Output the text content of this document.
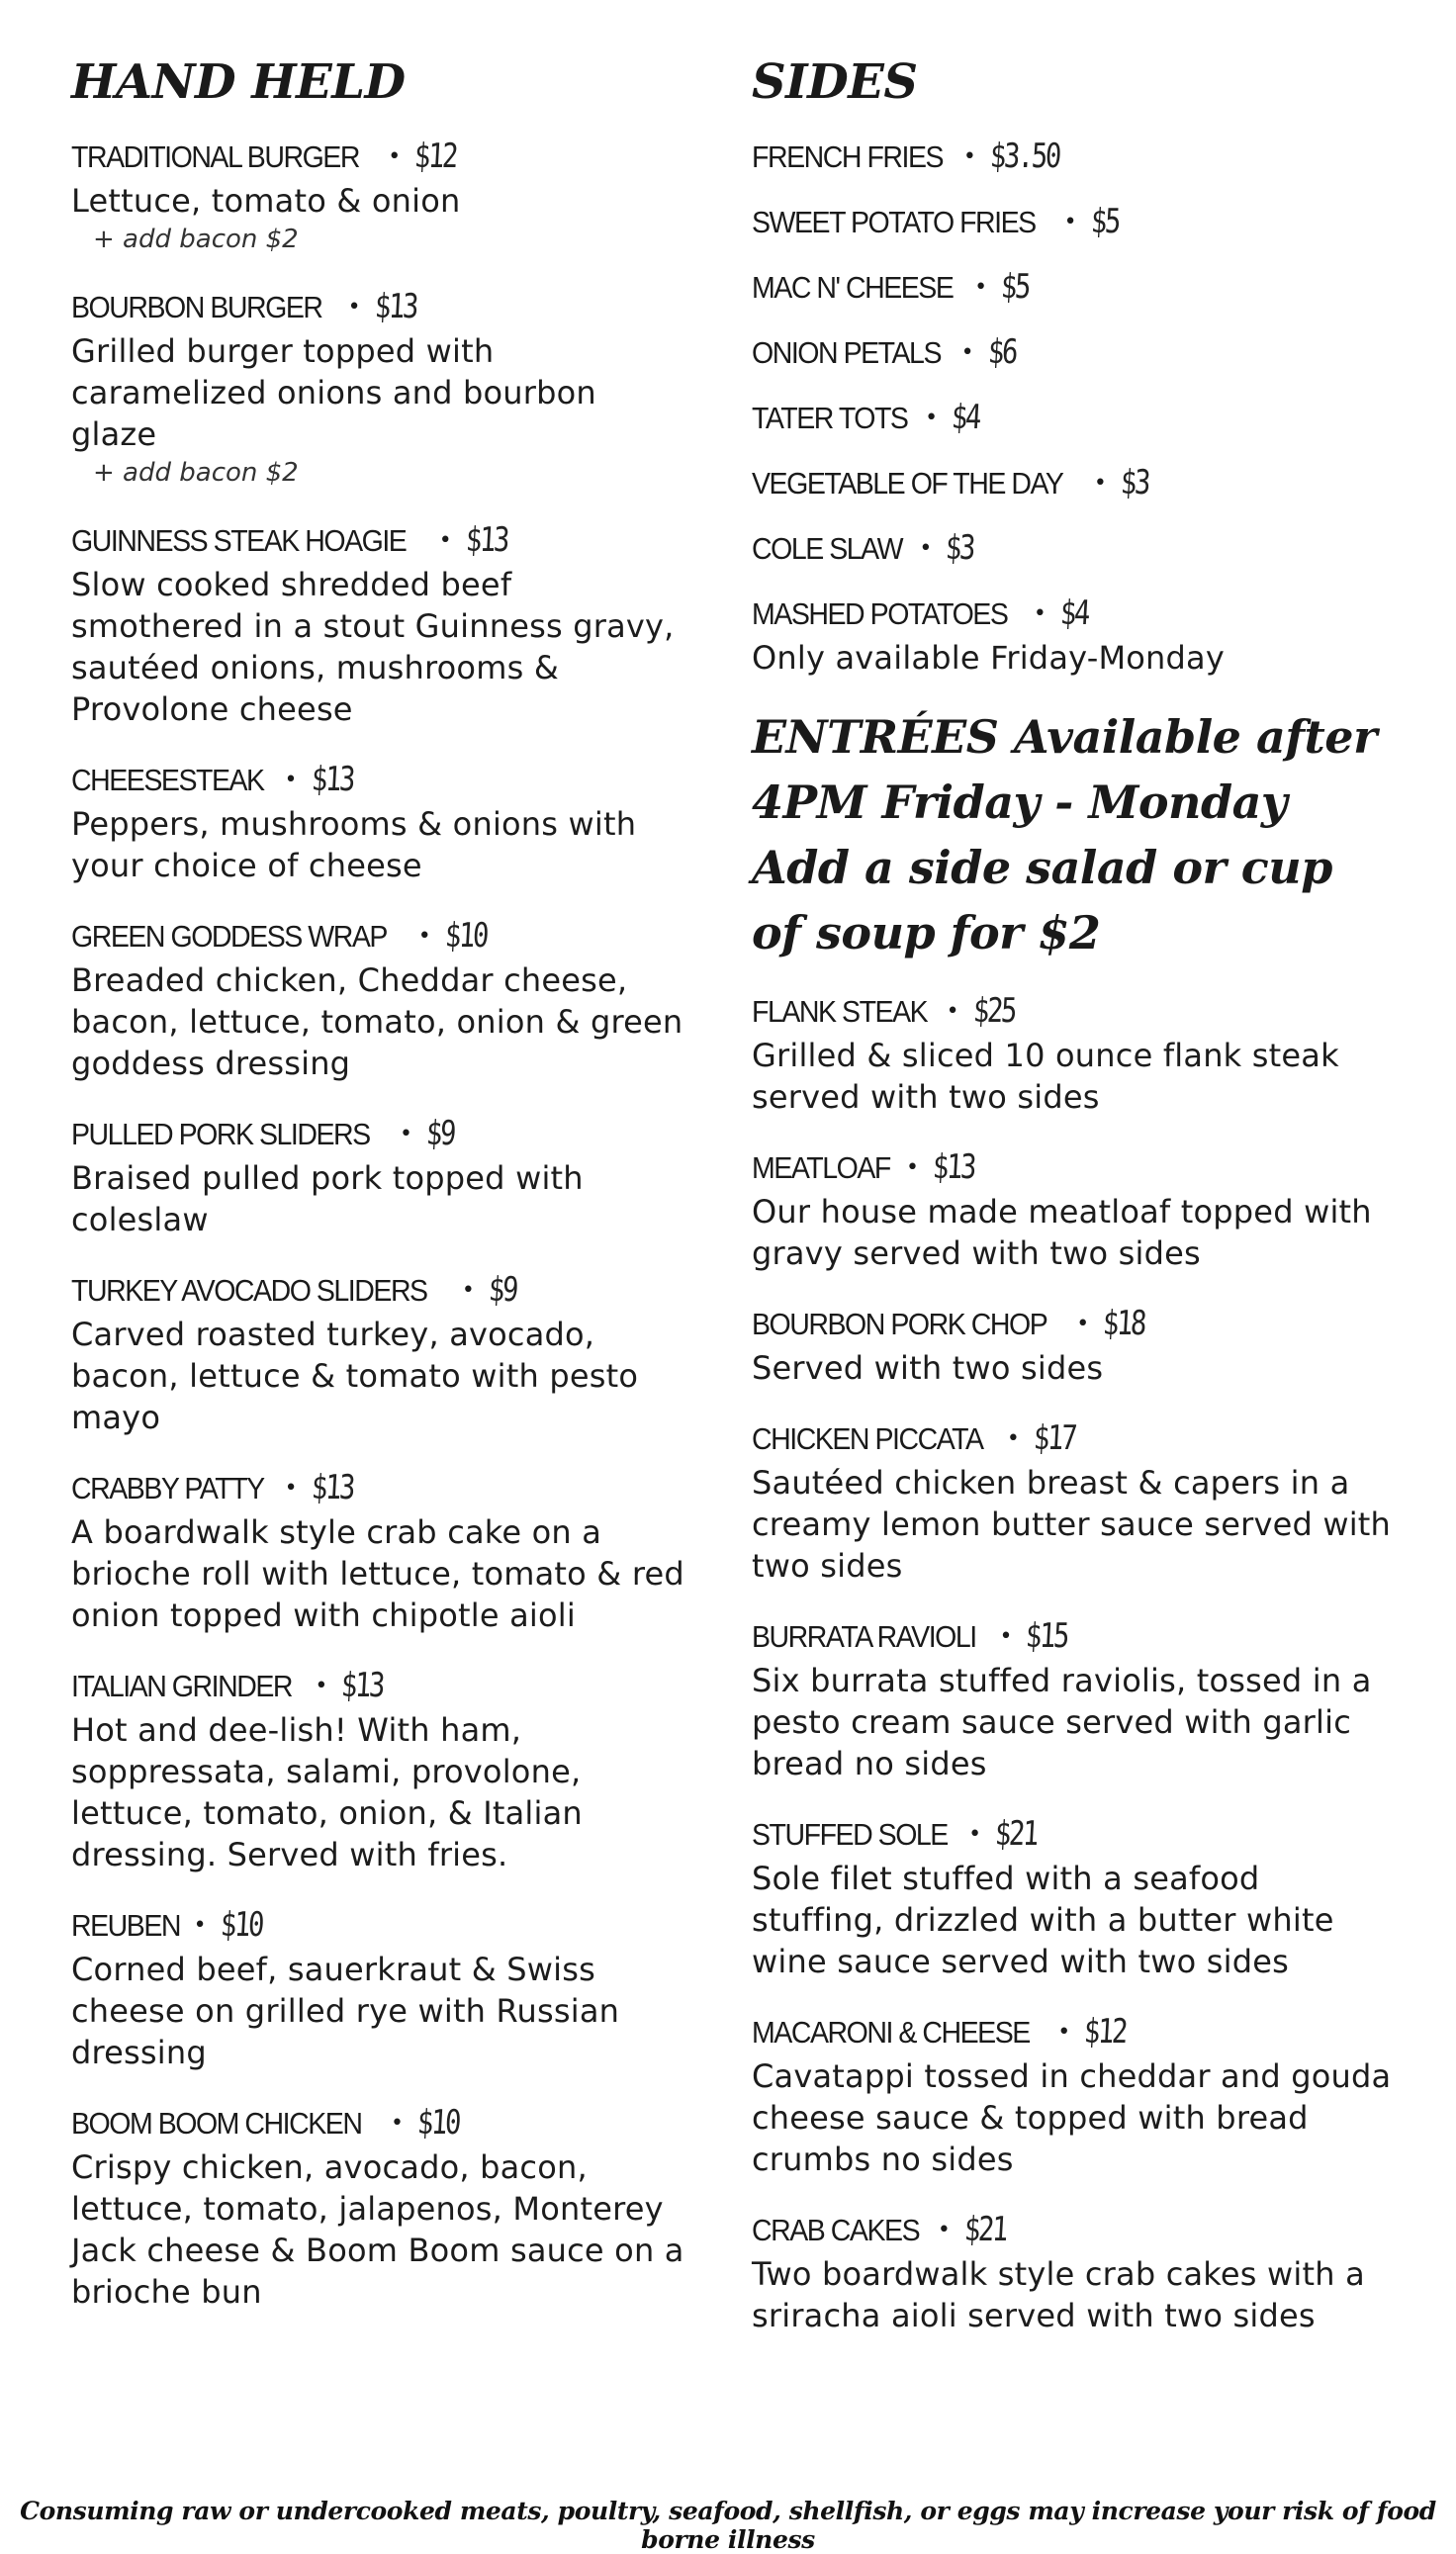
HAND HELD
TRADITIONAL BURGER • $12
Lettuce, tomato & onion
+ add bacon $2
BOURBON BURGER • $13
Grilled burger topped with caramelized onions and bourbon glaze
+ add bacon $2
GUINNESS STEAK HOAGIE • $13
Slow cooked shredded beef smothered in a stout Guinness gravy, sautéed onions, mushrooms & Provolone cheese
CHEESESTEAK • $13
Peppers, mushrooms & onions with your choice of cheese
GREEN GODDESS WRAP • $10
Breaded chicken, Cheddar cheese, bacon, lettuce, tomato, onion & green goddess dressing
PULLED PORK SLIDERS • $9
Braised pulled pork topped with coleslaw
TURKEY AVOCADO SLIDERS • $9
Carved roasted turkey, avocado, bacon, lettuce & tomato with pesto mayo
CRABBY PATTY • $13
A boardwalk style crab cake on a brioche roll with lettuce, tomato & red onion topped with chipotle aioli
ITALIAN GRINDER • $13
Hot and dee-lish! With ham, soppressata, salami, provolone, lettuce, tomato, onion, & Italian dressing. Served with fries.
REUBEN • $10
Corned beef, sauerkraut & Swiss cheese on grilled rye with Russian dressing
BOOM BOOM CHICKEN • $10
Crispy chicken, avocado, bacon, lettuce, tomato, jalapenos, Monterey Jack cheese & Boom Boom sauce on a brioche bun
SIDES
FRENCH FRIES • $3.50
SWEET POTATO FRIES • $5
MAC N' CHEESE • $5
ONION PETALS • $6
TATER TOTS • $4
VEGETABLE OF THE DAY • $3
COLE SLAW • $3
MASHED POTATOES • $4
Only available Friday-Monday
ENTRÉES Available after 4PM Friday - Monday Add a side salad or cup of soup for $2
FLANK STEAK • $25
Grilled & sliced 10 ounce flank steak served with two sides
MEATLOAF • $13
Our house made meatloaf topped with gravy served with two sides
BOURBON PORK CHOP • $18
Served with two sides
CHICKEN PICCATA • $17
Sautéed chicken breast & capers in a creamy lemon butter sauce served with two sides
BURRATA RAVIOLI • $15
Six burrata stuffed raviolis, tossed in a pesto cream sauce served with garlic bread no sides
STUFFED SOLE • $21
Sole filet stuffed with a seafood stuffing, drizzled with a butter white wine sauce served with two sides
MACARONI & CHEESE • $12
Cavatappi tossed in cheddar and gouda cheese sauce & topped with bread crumbs no sides
CRAB CAKES • $21
Two boardwalk style crab cakes with a sriracha aioli served with two sides
Consuming raw or undercooked meats, poultry, seafood, shellfish, or eggs may increase your risk of food borne illness
